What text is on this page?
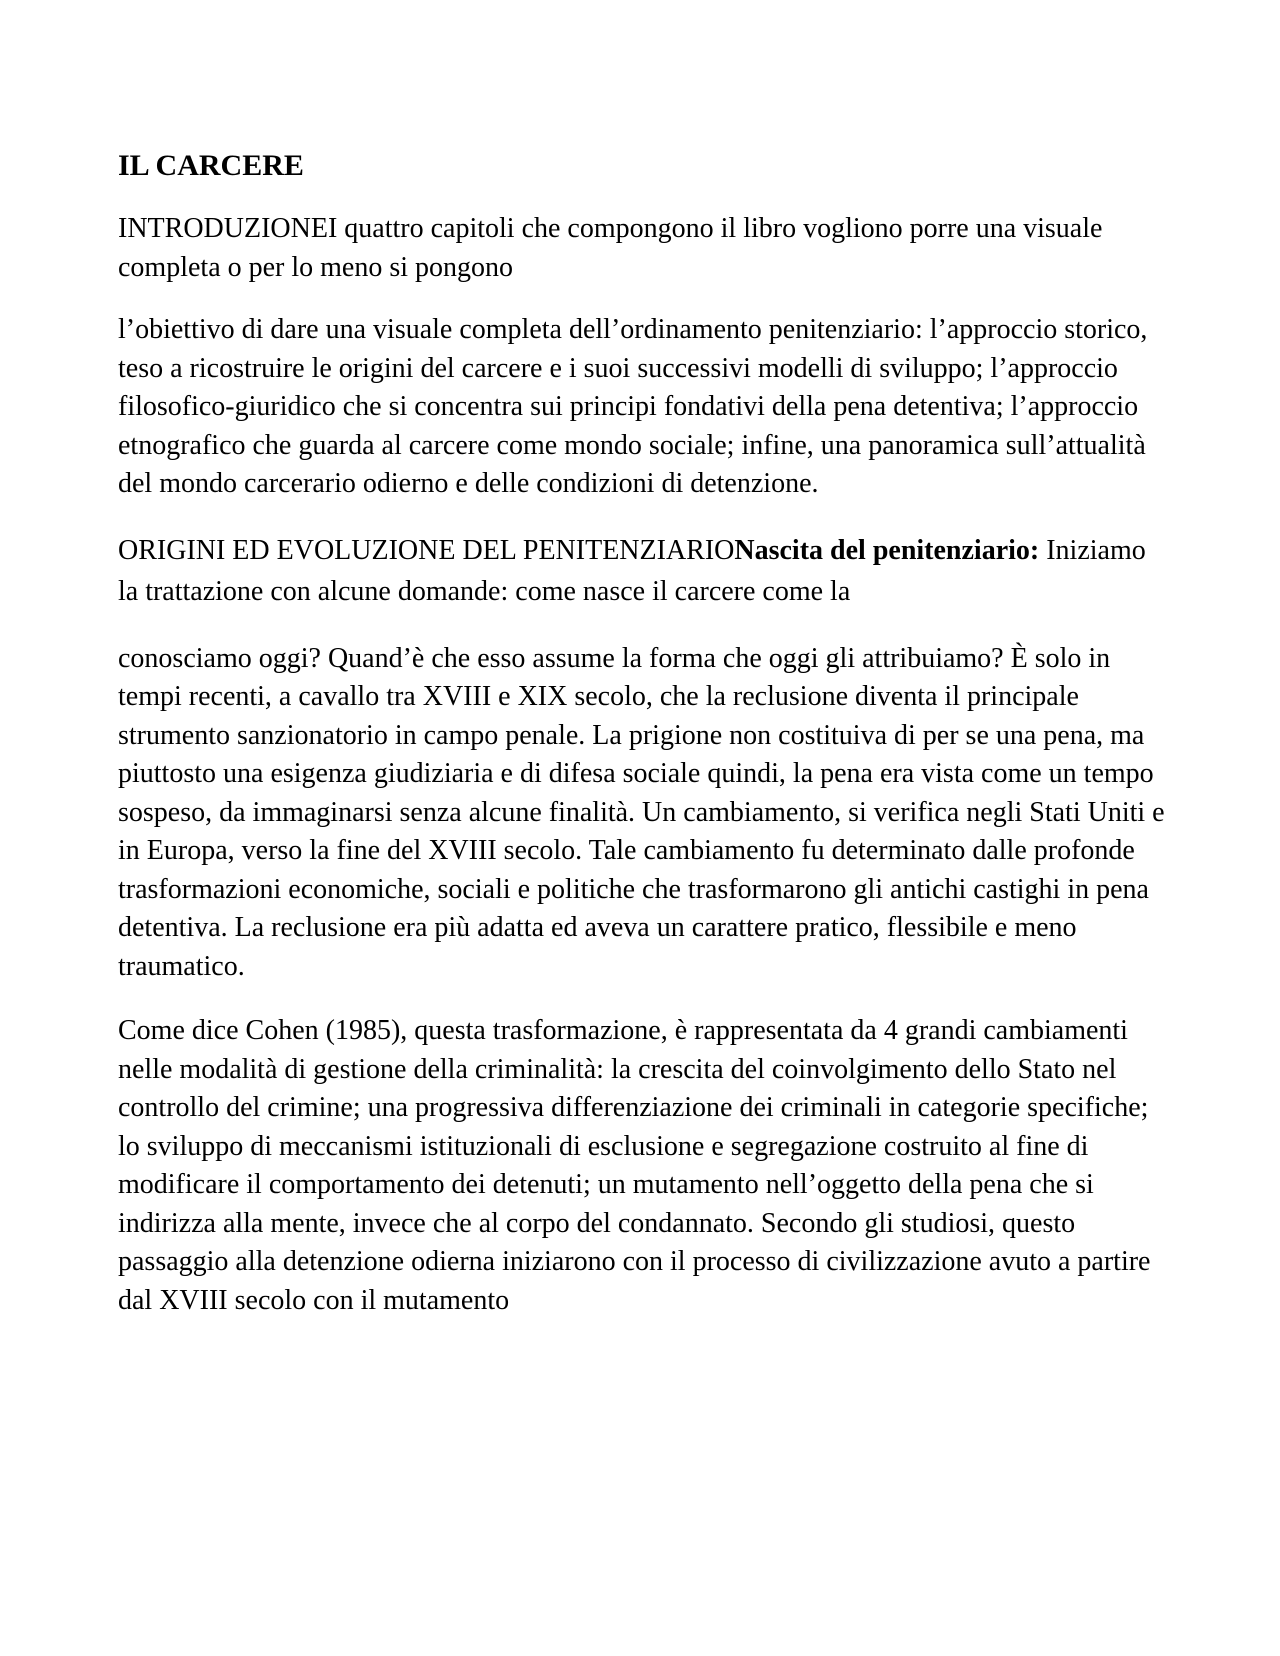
IL CARCERE

INTRODUZIONEI quattro capitoli che compongono il libro vogliono porre una visuale completa o per lo meno si pongono

l’obiettivo di dare una visuale completa dell’ordinamento penitenziario: l’approccio storico, teso a ricostruire le origini del carcere e i suoi successivi modelli di sviluppo; l’approccio filosofico-giuridico che si concentra sui principi fondativi della pena detentiva; l’approccio etnografico che guarda al carcere come mondo sociale; infine, una panoramica sull’attualità del mondo carcerario odierno e delle condizioni di detenzione.

ORIGINI ED EVOLUZIONE DEL PENITENZIARIONascita del penitenziario: Iniziamo la trattazione con alcune domande: come nasce il carcere come la

conosciamo oggi? Quand’è che esso assume la forma che oggi gli attribuiamo? È solo in tempi recenti, a cavallo tra XVIII e XIX secolo, che la reclusione diventa il principale strumento sanzionatorio in campo penale. La prigione non costituiva di per se una pena, ma piuttosto una esigenza giudiziaria e di difesa sociale quindi, la pena era vista come un tempo sospeso, da immaginarsi senza alcune finalità. Un cambiamento, si verifica negli Stati Uniti e in Europa, verso la fine del XVIII secolo. Tale cambiamento fu determinato dalle profonde trasformazioni economiche, sociali e politiche che trasformarono gli antichi castighi in pena detentiva. La reclusione era più adatta ed aveva un carattere pratico, flessibile e meno traumatico.

Come dice Cohen (1985), questa trasformazione, è rappresentata da 4 grandi cambiamenti nelle modalità di gestione della criminalità: la crescita del coinvolgimento dello Stato nel controllo del crimine; una progressiva differenziazione dei criminali in categorie specifiche; lo sviluppo di meccanismi istituzionali di esclusione e segregazione costruito al fine di modificare il comportamento dei detenuti; un mutamento nell’oggetto della pena che si indirizza alla mente, invece che al corpo del condannato. Secondo gli studiosi, questo passaggio alla detenzione odierna iniziarono con il processo di civilizzazione avuto a partire dal XVIII secolo con il mutamento
